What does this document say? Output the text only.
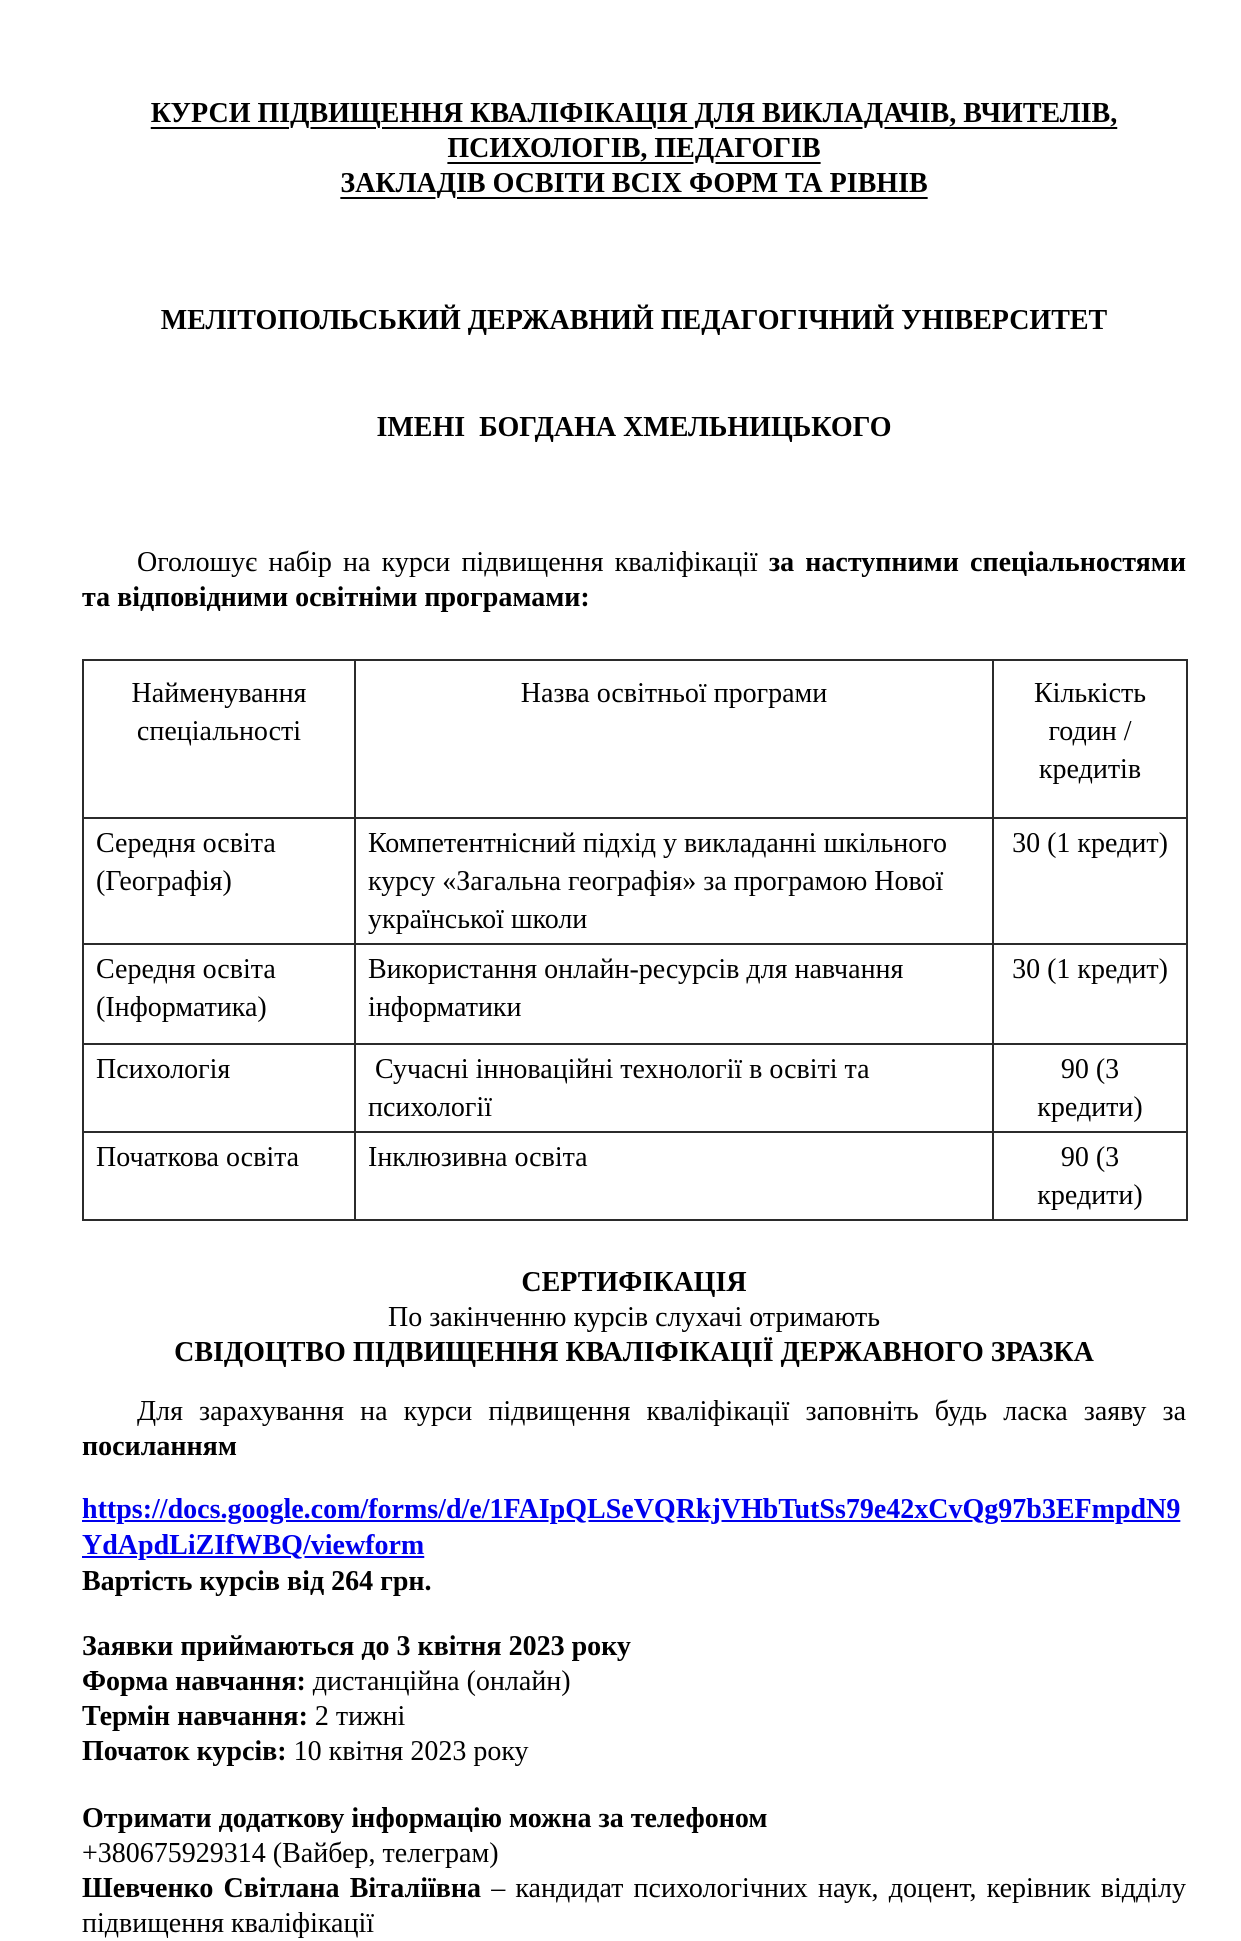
КУРСИ ПІДВИЩЕННЯ КВАЛІФІКАЦІЯ ДЛЯ ВИКЛАДАЧІВ, ВЧИТЕЛІВ,
ПСИХОЛОГІВ, ПЕДАГОГІВ
ЗАКЛАДІВ ОСВІТИ ВСІХ ФОРМ ТА РІВНІВ

МЕЛІТОПОЛЬСЬКИЙ ДЕРЖАВНИЙ ПЕДАГОГІЧНИЙ УНІВЕРСИТЕТ

ІМЕНІ  БОГДАНА ХМЕЛЬНИЦЬКОГО

Оголошує набір на курси підвищення кваліфікації за наступними спеціальностями та відповідними освітніми програмами:

Найменування спеціальності	Назва освітньої програми	Кількість годин /кредитів
Середня освіта (Географія)	Компетентнісний підхід у викладанні шкільного курсу «Загальна географія» за програмою Нової української школи	30 (1 кредит)
Середня освіта (Інформатика)	Використання онлайн-ресурсів для навчання інформатики	30 (1 кредит)
Психологія	Сучасні інноваційні технології в освіті та психології	90 (3 кредити)
Початкова освіта	Інклюзивна освіта	90 (3 кредити)
СЕРТИФІКАЦІЯ
По закінченню курсів слухачі отримають
СВІДОЦТВО ПІДВИЩЕННЯ КВАЛІФІКАЦІЇ ДЕРЖАВНОГО ЗРАЗКА

Для зарахування на курси підвищення кваліфікації заповніть будь ласка заяву за посиланням

https://docs.google.com/forms/d/e/1FAIpQLSeVQRkjVHbTutSs79e42xCvQg97b3EFmpdN9YdApdLiZIfWBQ/viewform
Вартість курсів від 264 грн.
Заявки приймаються до 3 квітня 2023 року
Форма навчання: дистанційна (онлайн)
Термін навчання: 2 тижні
Початок курсів: 10 квітня 2023 року
Отримати додаткову інформацію можна за телефоном
+380675929314 (Вайбер, телеграм)

Шевченко Світлана Віталіївна – кандидат психологічних наук, доцент, керівник відділу підвищення кваліфікації
